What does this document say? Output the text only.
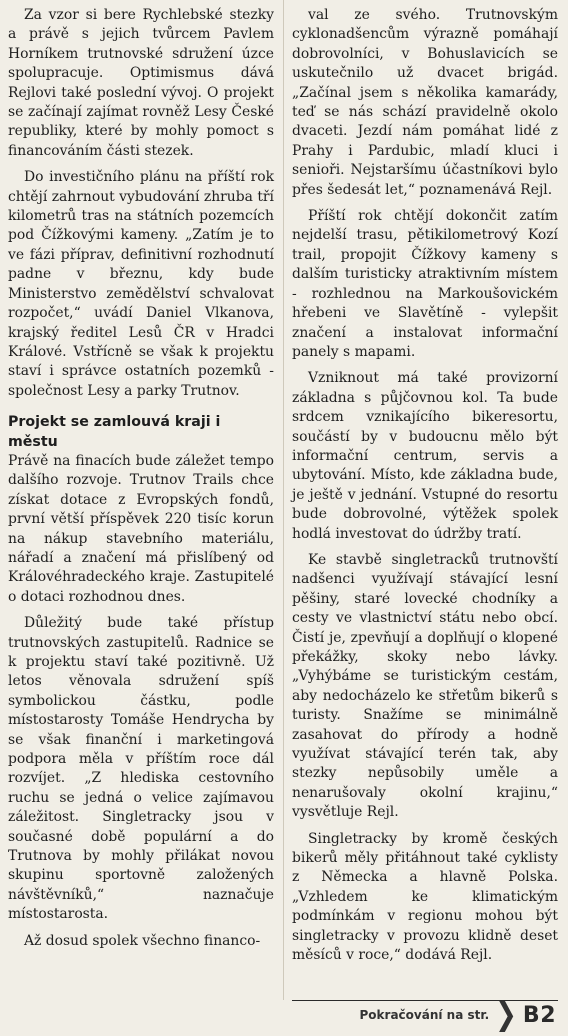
Za vzor si bere Rychlebské stezky a právě s jejich tvůrcem Pavlem Horníkem trutnovské sdružení úzce spolupracuje. Optimismus dává Rejlovi také poslední vývoj. O projekt se začínají zajímat rovněž Lesy České republiky, které by mohly pomoct s financováním části stezek.

Do investičního plánu na příští rok chtějí zahrnout vybudování zhruba tří kilometrů tras na státních pozemcích pod Čížkovými kameny. „Zatím je to ve fázi příprav, definitivní rozhodnutí padne v březnu, kdy bude Ministerstvo zemědělství schvalovat rozpočet,“ uvádí Daniel Vlkanova, krajský ředitel Lesů ČR v Hradci Králové. Vstřícně se však k projektu staví i správce ostatních pozemků - společnost Lesy a parky Trutnov.

Projekt se zamlouvá kraji i městu

Právě na finacích bude záležet tempo dalšího rozvoje. Trutnov Trails chce získat dotace z Evropských fondů, první větší příspěvek 220 tisíc korun na nákup stavebního materiálu, nářadí a značení má přislíbený od Královéhradeckého kraje. Zastupitelé o dotaci rozhodnou dnes.

Důležitý bude také přístup trutnovských zastupitelů. Radnice se k projektu staví také pozitivně. Už letos věnovala sdružení spíš symbolickou částku, podle místostarosty Tomáše Hendrycha by se však finanční i marketingová podpora měla v příštím roce dál rozvíjet. „Z hlediska cestovního ruchu se jedná o velice zajímavou záležitost. Singletracky jsou v současné době populární a do Trutnova by mohly přilákat novou skupinu sportovně založených návštěvníků,“ naznačuje místostarosta.

Až dosud spolek všechno financo-

val ze svého. Trutnovským cyklonadšencům výrazně pomáhají dobrovolníci, v Bohuslavicích se uskutečnilo už dvacet brigád. „Začínal jsem s několika kamarády, teď se nás schází pravidelně okolo dvaceti. Jezdí nám pomáhat lidé z Prahy i Pardubic, mladí kluci i senioři. Nejstaršímu účastníkovi bylo přes šedesát let,“ poznamenává Rejl.

Příští rok chtějí dokončit zatím nejdelší trasu, pětikilometrový Kozí trail, propojit Čížkovy kameny s dalším turisticky atraktivním místem - rozhlednou na Markoušovickém hřebeni ve Slavětíně - vylepšit značení a instalovat informační panely s mapami.

Vzniknout má také provizorní základna s půjčovnou kol. Ta bude srdcem vznikajícího bikeresortu, součástí by v budoucnu mělo být informační centrum, servis a ubytování. Místo, kde základna bude, je ještě v jednání. Vstupné do resortu bude dobrovolné, výtěžek spolek hodlá investovat do údržby tratí.

Ke stavbě singletracků trutnovští nadšenci využívají stávající lesní pěšiny, staré lovecké chodníky a cesty ve vlastnictví státu nebo obcí. Čistí je, zpevňují a doplňují o klopené překážky, skoky nebo lávky. „Vyhýbáme se turistickým cestám, aby nedocházelo ke střetům bikerů s turisty. Snažíme se minimálně zasahovat do přírody a hodně využívat stávající terén tak, aby stezky nepůsobily uměle a nenarušovaly okolní krajinu,“ vysvětluje Rejl.

Singletracky by kromě českých bikerů měly přitáhnout také cyklisty z Německa a hlavně Polska. „Vzhledem ke klimatickým podmínkám v regionu mohou být singletracky v provozu klidně deset měsíců v roce,“ dodává Rejl.

Pokračování na str. ❯ B2
